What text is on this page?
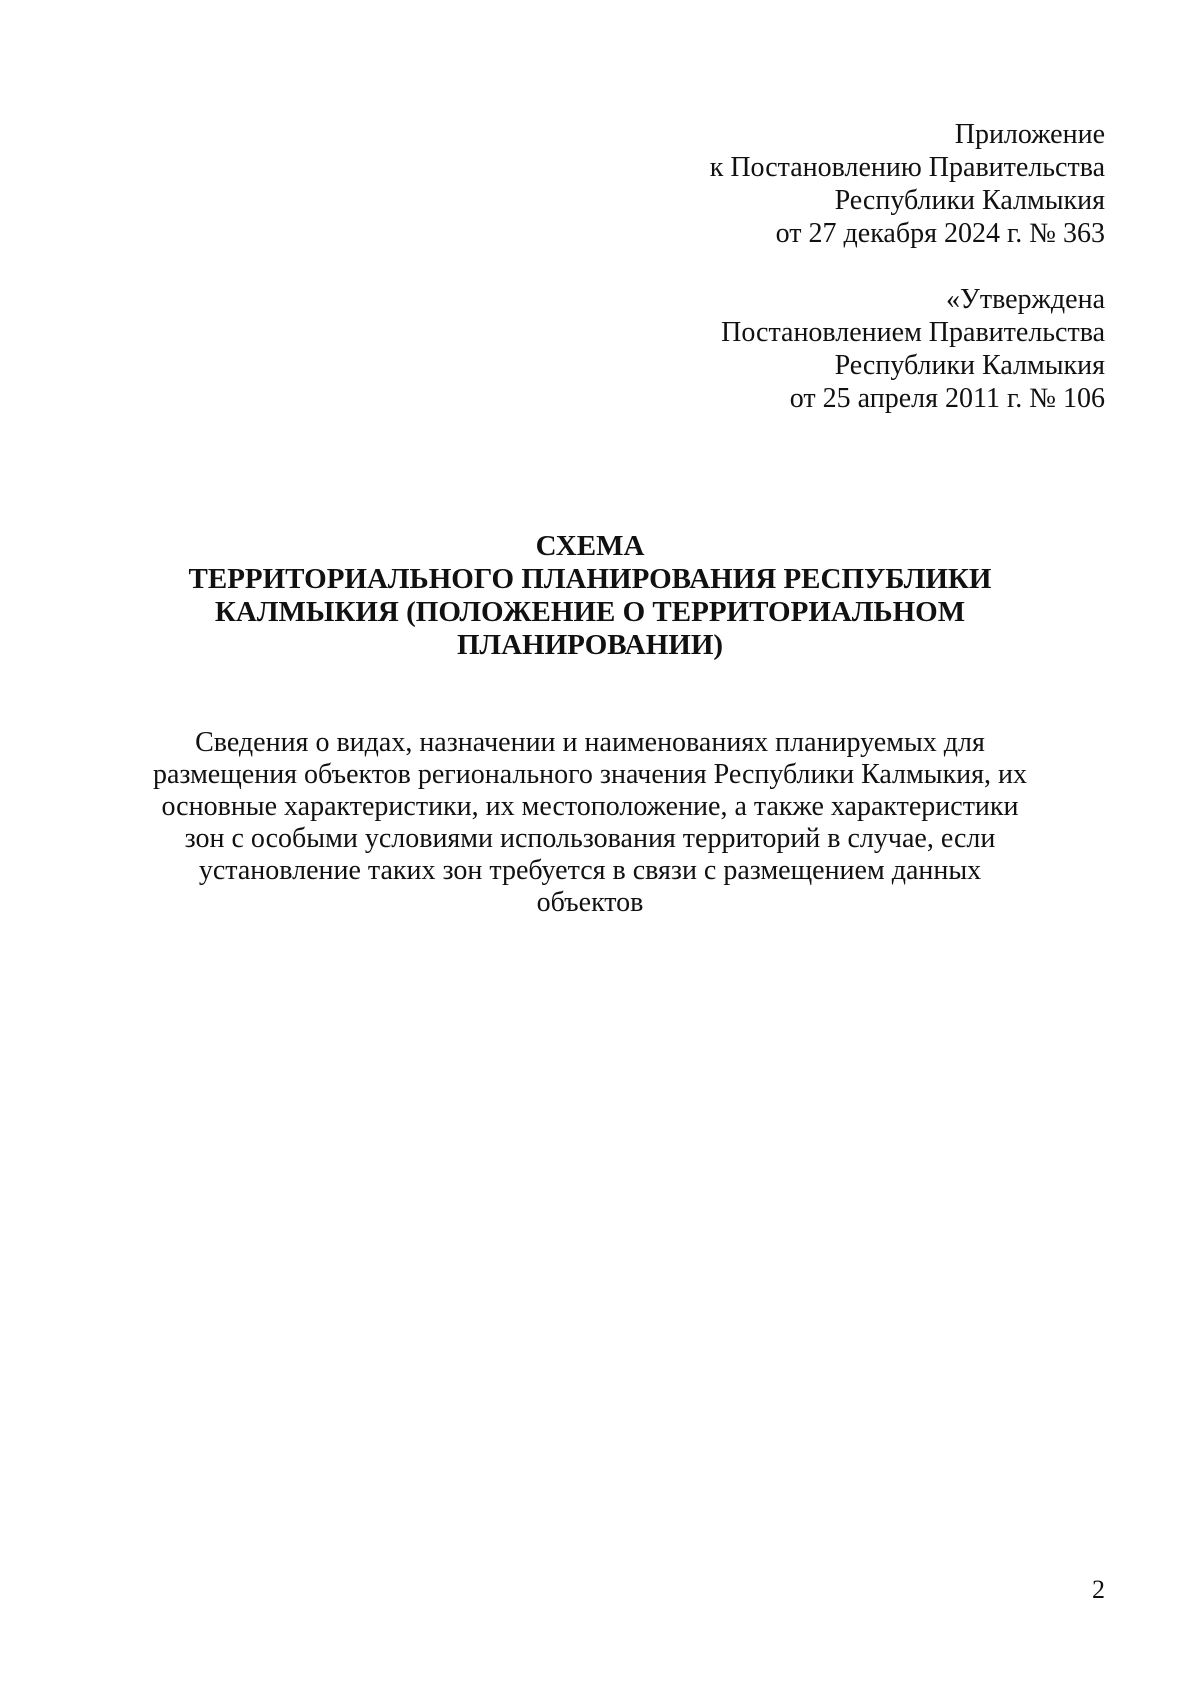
Приложение
к Постановлению Правительства
Республики Калмыкия
от 27 декабря 2024 г. № 363
«Утверждена
Постановлением Правительства
Республики Калмыкия
от 25 апреля 2011 г. № 106
СХЕМА
ТЕРРИТОРИАЛЬНОГО ПЛАНИРОВАНИЯ РЕСПУБЛИКИ
КАЛМЫКИЯ (ПОЛОЖЕНИЕ О ТЕРРИТОРИАЛЬНОМ
ПЛАНИРОВАНИИ)
Сведения о видах, назначении и наименованиях планируемых для
размещения объектов регионального значения Республики Калмыкия, их
основные характеристики, их местоположение, а также характеристики
зон с особыми условиями использования территорий в случае, если
установление таких зон требуется в связи с размещением данных
объектов
2
